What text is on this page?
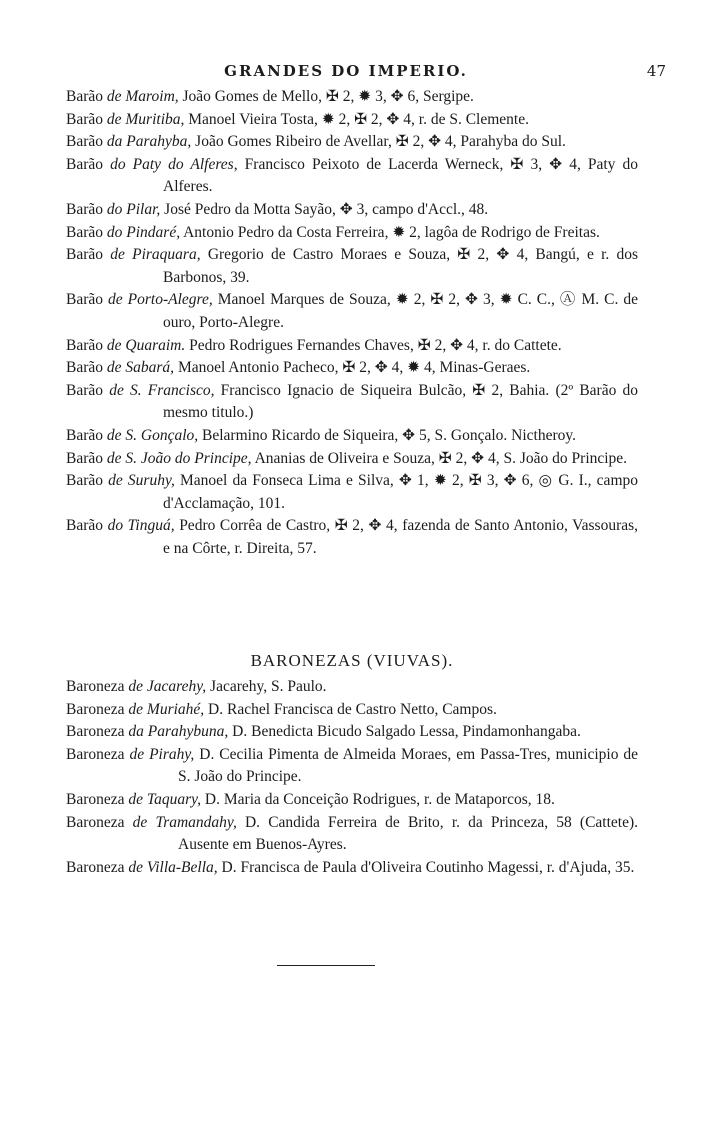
GRANDES DO IMPERIO.	47

Barão de Maroim, João Gomes de Mello, ✠ 2, ✹ 3, ✥ 6, Sergipe.

Barão de Muritiba, Manoel Vieira Tosta, ✹ 2, ✠ 2, ✥ 4, r. de S. Clemente.

Barão da Parahyba, João Gomes Ribeiro de Avellar, ✠ 2, ✥ 4, Parahyba do Sul.

Barão do Paty do Alferes, Francisco Peixoto de Lacerda Werneck, ✠ 3, ✥ 4, Paty do Alferes.

Barão do Pilar, José Pedro da Motta Sayão, ✥ 3, campo d'Accl., 48.

Barão do Pindaré, Antonio Pedro da Costa Ferreira, ✹ 2, lagôa de Rodrigo de Freitas.

Barão de Piraquara, Gregorio de Castro Moraes e Souza, ✠ 2, ✥ 4, Bangú, e r. dos Barbonos, 39.

Barão de Porto-Alegre, Manoel Marques de Souza, ✹ 2, ✠ 2, ✥ 3, ✹ C. C., Ⓐ M. C. de ouro, Porto-Alegre.

Barão de Quaraim. Pedro Rodrigues Fernandes Chaves, ✠ 2, ✥ 4, r. do Cattete.

Barão de Sabará, Manoel Antonio Pacheco, ✠ 2, ✥ 4, ✹ 4, Minas-Geraes.

Barão de S. Francisco, Francisco Ignacio de Siqueira Bulcão, ✠ 2, Bahia. (2º Barão do mesmo titulo.)

Barão de S. Gonçalo, Belarmino Ricardo de Siqueira, ✥ 5, S. Gonçalo. Nictheroy.

Barão de S. João do Principe, Ananias de Oliveira e Souza, ✠ 2, ✥ 4, S. João do Principe.

Barão de Suruhy, Manoel da Fonseca Lima e Silva, ✥ 1, ✹ 2, ✠ 3, ✥ 6, ◎ G. I., campo d'Acclamação, 101.

Barão do Tinguá, Pedro Corrêa de Castro, ✠ 2, ✥ 4, fazenda de Santo Antonio, Vassouras, e na Côrte, r. Direita, 57.

BARONEZAS (VIUVAS).

Baroneza de Jacarehy, Jacarehy, S. Paulo.

Baroneza de Muriahé, D. Rachel Francisca de Castro Netto, Campos.

Baroneza da Parahybuna, D. Benedicta Bicudo Salgado Lessa, Pindamonhangaba.

Baroneza de Pirahy, D. Cecilia Pimenta de Almeida Moraes, em Passa-Tres, municipio de S. João do Principe.

Baroneza de Taquary, D. Maria da Conceição Rodrigues, r. de Mataporcos, 18.

Baroneza de Tramandahy, D. Candida Ferreira de Brito, r. da Princeza, 58 (Cattete). Ausente em Buenos-Ayres.

Baroneza de Villa-Bella, D. Francisca de Paula d'Oliveira Coutinho Magessi, r. d'Ajuda, 35.
